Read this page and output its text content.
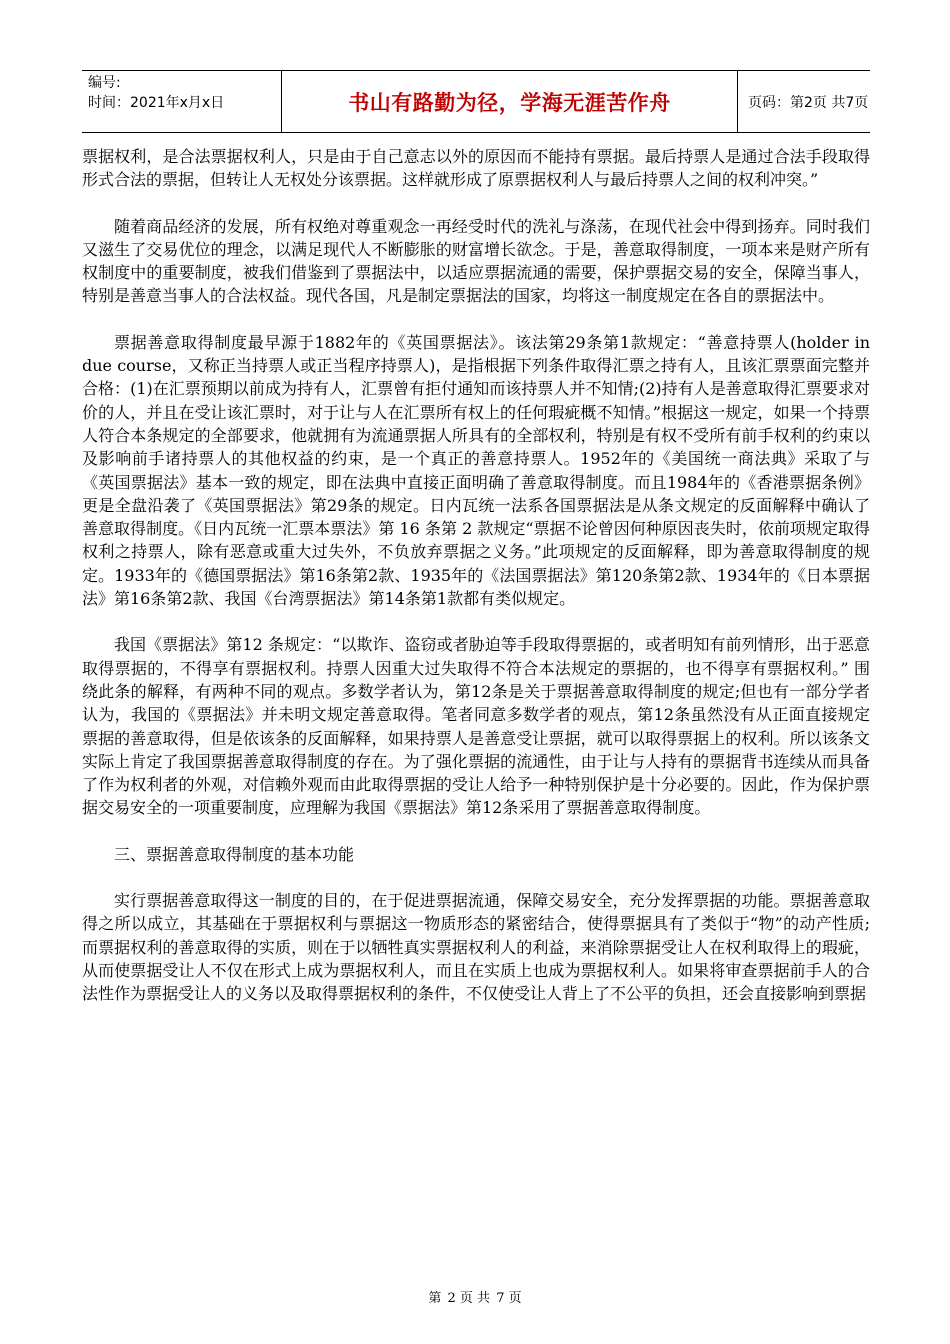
编号:
时间：2021年x月x日	书山有路勤为径，学海无涯苦作舟	页码：第2页 共7页

票据权利，是合法票据权利人，只是由于自己意志以外的原因而不能持有票据。最后持票人是通过合法手段取得形式合法的票据，但转让人无权处分该票据。这样就形成了原票据权利人与最后持票人之间的权利冲突。”

随着商品经济的发展，所有权绝对尊重观念一再经受时代的洗礼与涤荡，在现代社会中得到扬弃。同时我们又滋生了交易优位的理念，以满足现代人不断膨胀的财富增长欲念。于是，善意取得制度，一项本来是财产所有权制度中的重要制度，被我们借鉴到了票据法中，以适应票据流通的需要，保护票据交易的安全，保障当事人，特别是善意当事人的合法权益。现代各国，凡是制定票据法的国家，均将这一制度规定在各自的票据法中。

票据善意取得制度最早源于1882年的《英国票据法》。该法第29条第1款规定：“善意持票人(holder in due course，又称正当持票人或正当程序持票人)，是指根据下列条件取得汇票之持有人，且该汇票票面完整并合格：(1)在汇票预期以前成为持有人，汇票曾有拒付通知而该持票人并不知情;(2)持有人是善意取得汇票要求对价的人，并且在受让该汇票时，对于让与人在汇票所有权上的任何瑕疵概不知情。”根据这一规定，如果一个持票人符合本条规定的全部要求，他就拥有为流通票据人所具有的全部权利，特别是有权不受所有前手权利的约束以及影响前手诸持票人的其他权益的约束，是一个真正的善意持票人。1952年的《美国统一商法典》采取了与《英国票据法》基本一致的规定，即在法典中直接正面明确了善意取得制度。而且1984年的《香港票据条例》更是全盘沿袭了《英国票据法》第29条的规定。日内瓦统一法系各国票据法是从条文规定的反面解释中确认了善意取得制度。《日内瓦统一汇票本票法》第 16 条第 2 款规定“票据不论曾因何种原因丧失时，依前项规定取得权利之持票人，除有恶意或重大过失外，不负放弃票据之义务。”此项规定的反面解释，即为善意取得制度的规定。1933年的《德国票据法》第16条第2款、1935年的《法国票据法》第120条第2款、1934年的《日本票据法》第16条第2款、我国《台湾票据法》第14条第1款都有类似规定。

我国《票据法》第12 条规定：“以欺诈、盗窃或者胁迫等手段取得票据的，或者明知有前列情形，出于恶意取得票据的，不得享有票据权利。持票人因重大过失取得不符合本法规定的票据的，也不得享有票据权利。” 围绕此条的解释，有两种不同的观点。多数学者认为，第12条是关于票据善意取得制度的规定;但也有一部分学者认为，我国的《票据法》并未明文规定善意取得。笔者同意多数学者的观点，第12条虽然没有从正面直接规定票据的善意取得，但是依该条的反面解释，如果持票人是善意受让票据，就可以取得票据上的权利。所以该条文实际上肯定了我国票据善意取得制度的存在。为了强化票据的流通性，由于让与人持有的票据背书连续从而具备了作为权利者的外观，对信赖外观而由此取得票据的受让人给予一种特别保护是十分必要的。因此，作为保护票据交易安全的一项重要制度，应理解为我国《票据法》第12条采用了票据善意取得制度。

三、票据善意取得制度的基本功能

实行票据善意取得这一制度的目的，在于促进票据流通，保障交易安全，充分发挥票据的功能。票据善意取得之所以成立，其基础在于票据权利与票据这一物质形态的紧密结合，使得票据具有了类似于“物”的动产性质;而票据权利的善意取得的实质，则在于以牺牲真实票据权利人的利益，来消除票据受让人在权利取得上的瑕疵，从而使票据受让人不仅在形式上成为票据权利人，而且在实质上也成为票据权利人。如果将审查票据前手人的合法性作为票据受让人的义务以及取得票据权利的条件，不仅使受让人背上了不公平的负担，还会直接影响到票据

第 2 页 共 7 页
